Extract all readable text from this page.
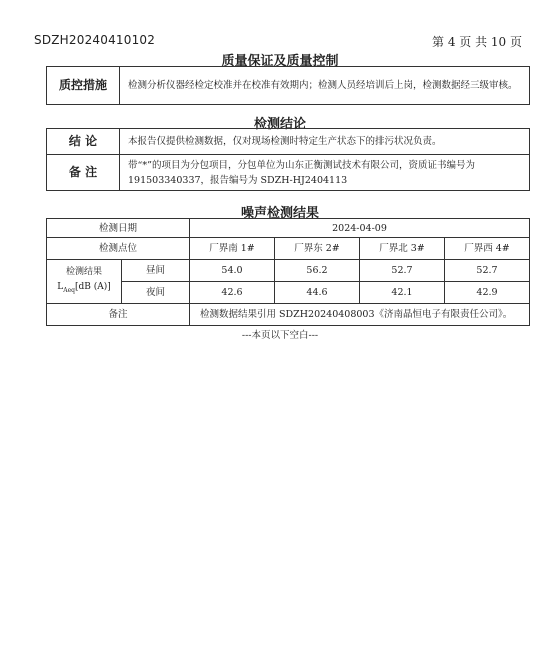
SDZH20240410102	第 4 页 共 10 页
质量保证及质量控制
质控措施	检测分析仪器经检定校准并在校准有效期内；检测人员经培训后上岗，检测数据经三级审核。
检测结论
结 论	本报告仅提供检测数据，仅对现场检测时特定生产状态下的排污状况负责。
备 注	带“*”的项目为分包项目，分包单位为山东正衡测试技术有限公司，资质证书编号为191503340337，报告编号为 SDZH-HJ2404113
噪声检测结果
检测日期		2024-04-09			
检测点位		厂界南 1#	厂界东 2#	厂界北 3#	厂界西 4#

检测结果
$L_{Aeq}[dB$ (A)]	昼间	54.0	56.2	52.7	52.7
	夜间	42.6	44.6	42.1	42.9
备注		检测数据结果引用 SDZH20240408003《济南晶恒电子有限责任公司》。			
---本页以下空白---
